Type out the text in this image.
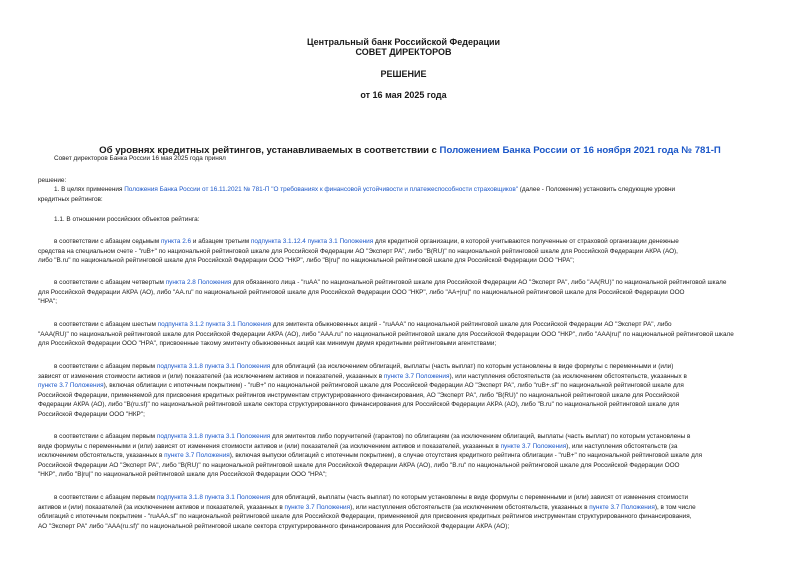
Центральный банк Российской Федерации
СОВЕТ ДИРЕКТОРОВ
РЕШЕНИЕ
от 16 мая 2025 года
Об уровнях кредитных рейтингов, устанавливаемых в соответствии с Положением Банка России от 16 ноября 2021 года № 781-П
Совет директоров Банка России 16 мая 2025 года принял
решение:
1. В целях применения Положения Банка России от 16.11.2021 № 781-П "О требованиях к финансовой устойчивости и платежеспособности страховщиков" (далее - Положение) установить следующие уровни
кредитных рейтингов:
1.1. В отношении российских объектов рейтинга:
в соответствии с абзацем седьмым пункта 2.6 и абзацем третьим подпункта 3.1.12.4 пункта 3.1 Положения для кредитной организации, в которой учитываются полученные от страховой организации денежные
средства на специальном счете - "ruB+" по национальной рейтинговой шкале для Российской Федерации АО "Эксперт РА", либо "B(RU)" по национальной рейтинговой шкале для Российской Федерации АКРА (АО),
либо "B.ru" по национальной рейтинговой шкале для Российской Федерации ООО "НКР", либо "B|ru|" по национальной рейтинговой шкале для Российской Федерации ООО "НРА";
в соответствии с абзацем четвертым пункта 2.8 Положения для обязанного лица - "ruAA" по национальной рейтинговой шкале для Российской Федерации АО "Эксперт РА", либо "AA(RU)" по национальной рейтинговой шкале
для Российской Федерации АКРА (АО), либо "AA.ru" по национальной рейтинговой шкале для Российской Федерации ООО "НКР", либо "AA+|ru|" по национальной рейтинговой шкале для Российской Федерации ООО
"НРА";
в соответствии с абзацем шестым подпункта 3.1.2 пункта 3.1 Положения для эмитента обыкновенных акций - "ruAAA" по национальной рейтинговой шкале для Российской Федерации АО "Эксперт РА", либо
"AAA(RU)" по национальной рейтинговой шкале для Российской Федерации АКРА (АО), либо "AAA.ru" по национальной рейтинговой шкале для Российской Федерации ООО "НКР", либо "AAA|ru|" по национальной рейтинговой шкале
для Российской Федерации ООО "НРА", присвоенные такому эмитенту обыкновенных акций как минимум двумя кредитными рейтинговыми агентствами;
в соответствии с абзацем первым подпункта 3.1.8 пункта 3.1 Положения для облигаций (за исключением облигаций, выплаты (часть выплат) по которым установлены в виде формулы с переменными и (или)
зависят от изменения стоимости активов и (или) показателей (за исключением активов и показателей, указанных в пункте 3.7 Положения), или наступления обстоятельств (за исключением обстоятельств, указанных в
пункте 3.7 Положения), включая облигации с ипотечным покрытием) - "ruB+" по национальной рейтинговой шкале для Российской Федерации АО "Эксперт РА", либо "ruB+.sf" по национальной рейтинговой шкале для
Российской Федерации, применяемой для присвоения кредитных рейтингов инструментам структурированного финансирования, АО "Эксперт РА", либо "B(RU)" по национальной рейтинговой шкале для Российской
Федерации АКРА (АО), либо "B(ru.sf)" по национальной рейтинговой шкале сектора структурированного финансирования для Российской Федерации АКРА (АО), либо "B.ru" по национальной рейтинговой шкале для
Российской Федерации ООО "НКР";
в соответствии с абзацем первым подпункта 3.1.8 пункта 3.1 Положения для эмитентов либо поручителей (гарантов) по облигациям (за исключением облигаций, выплаты (часть выплат) по которым установлены в
виде формулы с переменными и (или) зависят от изменения стоимости активов и (или) показателей (за исключением активов и показателей, указанных в пункте 3.7 Положения), или наступления обстоятельств (за
исключением обстоятельств, указанных в пункте 3.7 Положения), включая выпуски облигаций с ипотечным покрытием), в случае отсутствия кредитного рейтинга облигации - "ruB+" по национальной рейтинговой шкале для
Российской Федерации АО "Эксперт РА", либо "B(RU)" по национальной рейтинговой шкале для Российской Федерации АКРА (АО), либо "B.ru" по национальной рейтинговой шкале для Российской Федерации ООО
"НКР", либо "B|ru|" по национальной рейтинговой шкале для Российской Федерации ООО "НРА";
в соответствии с абзацем первым подпункта 3.1.8 пункта 3.1 Положения для облигаций, выплаты (часть выплат) по которым установлены в виде формулы с переменными и (или) зависят от изменения стоимости
активов и (или) показателей (за исключением активов и показателей, указанных в пункте 3.7 Положения), или наступления обстоятельств (за исключением обстоятельств, указанных в пункте 3.7 Положения), в том числе
облигаций с ипотечным покрытием - "ruAAA.sf" по национальной рейтинговой шкале для Российской Федерации, применяемой для присвоения кредитных рейтингов инструментам структурированного финансирования,
АО "Эксперт РА" либо "AAA(ru.sf)" по национальной рейтинговой шкале сектора структурированного финансирования для Российской Федерации АКРА (АО);
